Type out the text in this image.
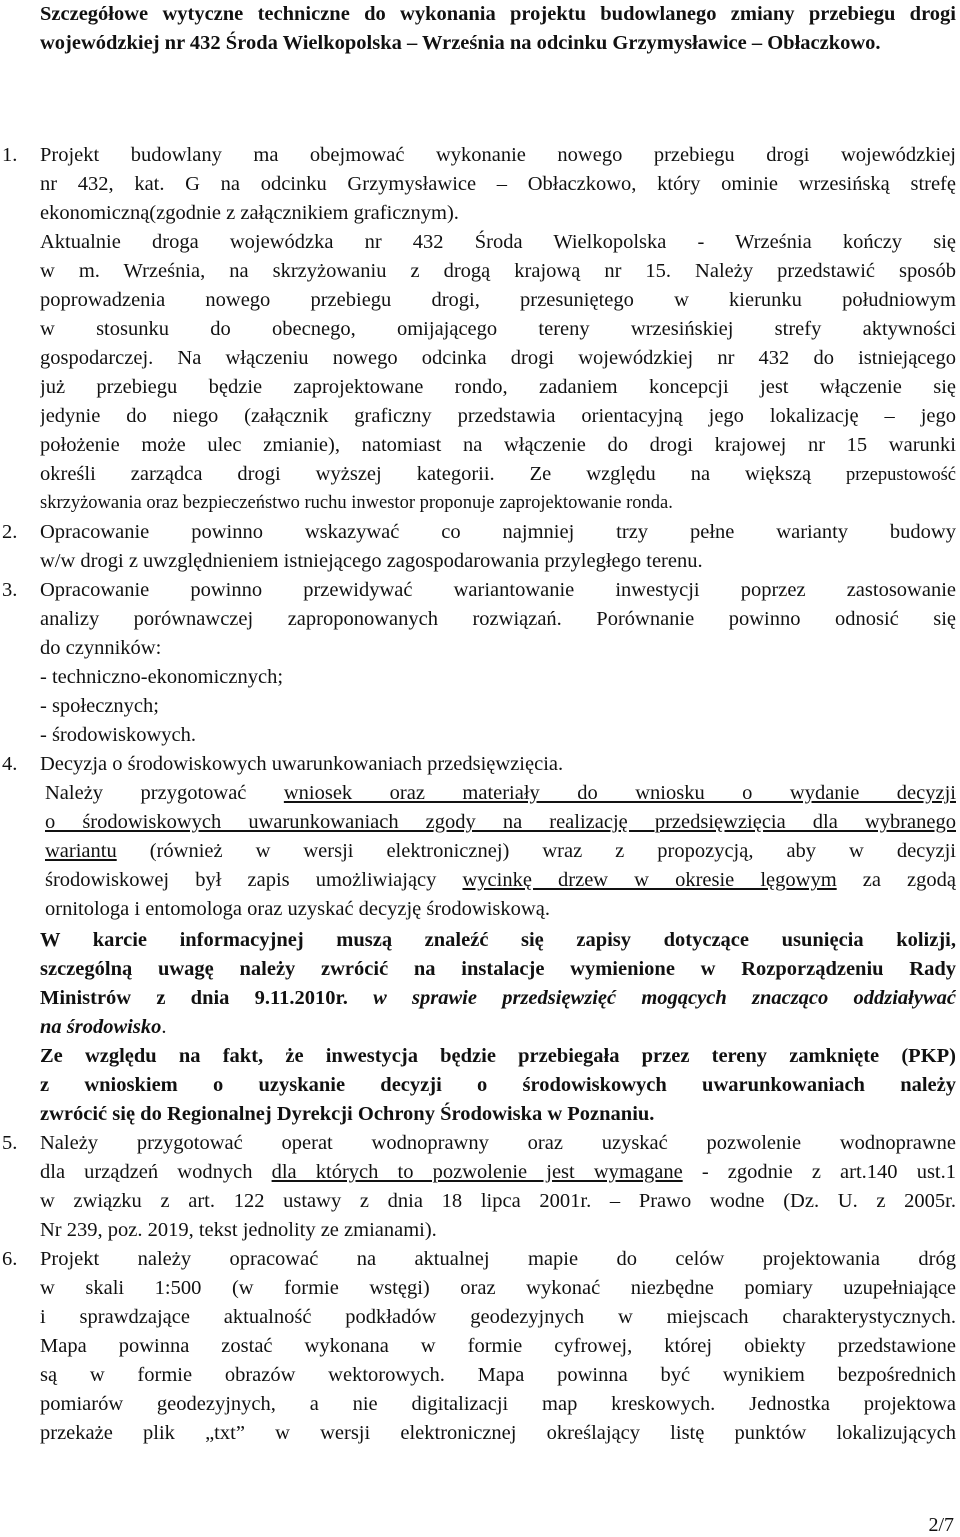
Szczegółowe wytyczne techniczne do wykonania projektu budowlanego zmiany przebiegu drogi wojewódzkiej nr 432 Środa Wielkopolska – Września na odcinku Grzymysławice – Obłaczkowo.

1. Projekt budowlany ma obejmować wykonanie nowego przebiegu drogi wojewódzkiej
nr 432, kat. G na odcinku Grzymysławice – Obłaczkowo, który ominie wrzesińską strefę
ekonomiczną(zgodnie z załącznikiem graficznym).
Aktualnie droga wojewódzka nr 432 Środa Wielkopolska - Września kończy się
w m. Września, na skrzyżowaniu z drogą krajową nr 15. Należy przedstawić sposób
poprowadzenia nowego przebiegu drogi, przesuniętego w kierunku południowym
w stosunku do obecnego, omijającego tereny wrzesińskiej strefy aktywności
gospodarczej. Na włączeniu nowego odcinka drogi wojewódzkiej nr 432 do istniejącego
już przebiegu będzie zaprojektowane rondo, zadaniem koncepcji jest włączenie się
jedynie do niego (załącznik graficzny przedstawia orientacyjną jego lokalizację – jego
położenie może ulec zmianie), natomiast na włączenie do drogi krajowej nr 15 warunki
określi zarządca drogi wyższej kategorii. Ze względu na większą przepustowość
skrzyżowania oraz bezpieczeństwo ruchu inwestor proponuje zaprojektowanie ronda.
2. Opracowanie powinno wskazywać co najmniej trzy pełne warianty budowy
w/w drogi z uwzględnieniem istniejącego zagospodarowania przyległego terenu.
3. Opracowanie powinno przewidywać wariantowanie inwestycji poprzez zastosowanie
analizy porównawczej zaproponowanych rozwiązań. Porównanie powinno odnosić się
do czynników:
- techniczno-ekonomicznych;
- społecznych;
- środowiskowych.
4. Decyzja o środowiskowych uwarunkowaniach przedsięwzięcia.
Należy przygotować wniosek oraz materiały do wniosku o wydanie decyzji
o środowiskowych uwarunkowaniach zgody na realizację przedsięwzięcia dla wybranego
wariantu (również w wersji elektronicznej) wraz z propozycją, aby w decyzji
środowiskowej był zapis umożliwiający wycinkę drzew w okresie lęgowym za zgodą
ornitologa i entomologa oraz uzyskać decyzję środowiskową.
W karcie informacyjnej muszą znaleźć się zapisy dotyczące usunięcia kolizji,
szczególną uwagę należy zwrócić na instalacje wymienione w Rozporządzeniu Rady
Ministrów z dnia 9.11.2010r. w sprawie przedsięwzięć mogących znacząco oddziaływać
na środowisko.
Ze względu na fakt, że inwestycja będzie przebiegała przez tereny zamknięte (PKP)
z wnioskiem o uzyskanie decyzji o środowiskowych uwarunkowaniach należy
zwrócić się do Regionalnej Dyrekcji Ochrony Środowiska w Poznaniu.
5. Należy przygotować operat wodnoprawny oraz uzyskać pozwolenie wodnoprawne
dla urządzeń wodnych dla których to pozwolenie jest wymagane - zgodnie z art.140 ust.1
w związku z art. 122 ustawy z dnia 18 lipca 2001r. – Prawo wodne (Dz. U. z 2005r.
Nr 239, poz. 2019, tekst jednolity ze zmianami).
6. Projekt należy opracować na aktualnej mapie do celów projektowania dróg
w skali 1:500 (w formie wstęgi) oraz wykonać niezbędne pomiary uzupełniające
i sprawdzające aktualność podkładów geodezyjnych w miejscach charakterystycznych.
Mapa powinna zostać wykonana w formie cyfrowej, której obiekty przedstawione
są w formie obrazów wektorowych. Mapa powinna być wynikiem bezpośrednich
pomiarów geodezyjnych, a nie digitalizacji map kreskowych. Jednostka projektowa
przekaże plik „txt” w wersji elektronicznej określający listę punktów lokalizujących
2/7
